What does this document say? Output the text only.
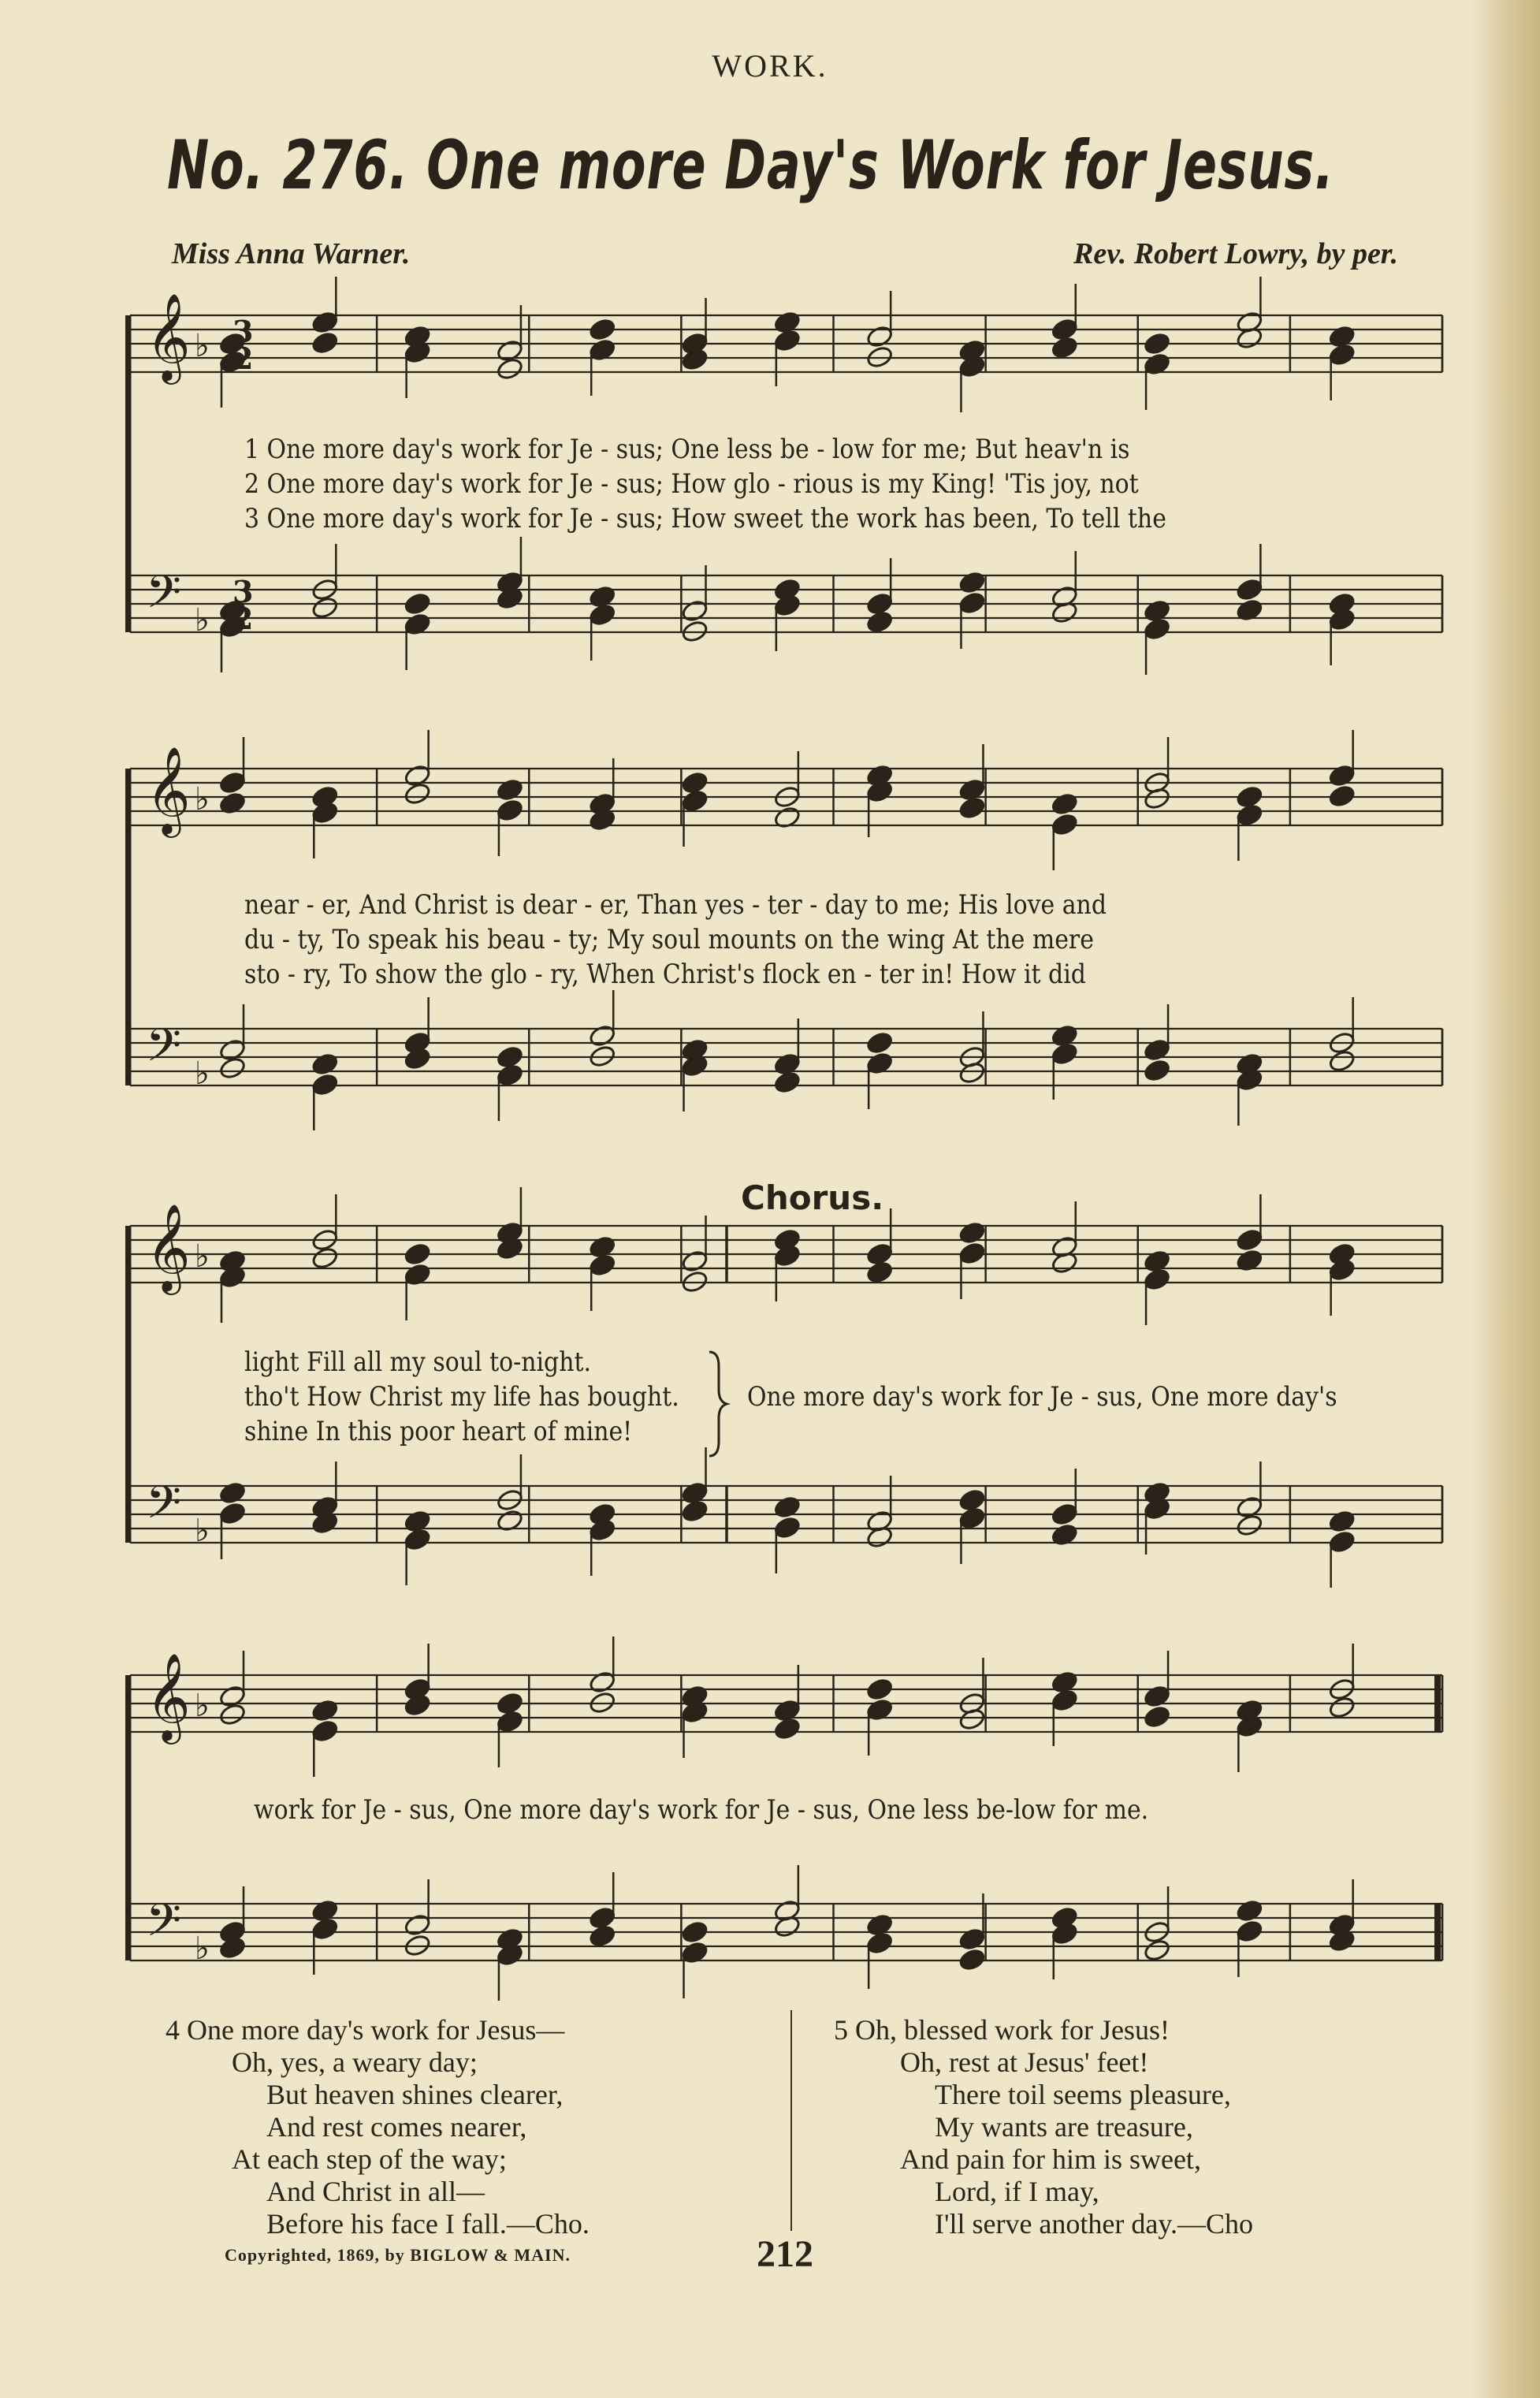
WORK.
No. 276. One more Day's Work for Jesus.
Miss Anna Warner.	Rev. Robert Lowry, by per.
𝄞 ♭
𝄢 ♭
3
3
2
2
𝄞 ♭
𝄢 ♭
𝄞 ♭
𝄢 ♭
𝄞 ♭
𝄢 ♭
1 One more day's work for Je - sus; One less be - low for me; But heav'n is
2 One more day's work for Je - sus; How glo - rious is my King! 'Tis joy, not
3 One more day's work for Je - sus; How sweet the work has been, To tell the
near - er, And Christ is dear - er, Than yes - ter - day to me; His love and
du - ty, To speak his beau - ty; My soul mounts on the wing At the mere
sto - ry, To show the glo - ry, When Christ's flock en - ter in! How it did
Chorus.
light Fill all my soul to-night.
tho't How Christ my life has bought.
shine In this poor heart of mine!
One more day's work for Je - sus, One more day's
work for Je - sus, One more day's work for Je - sus, One less be-low for me.
4 One more day's work for Jesus—
Oh, yes, a weary day;
But heaven shines clearer,
And rest comes nearer,
At each step of the way;
And Christ in all—
Before his face I fall.—Cho.
5 Oh, blessed work for Jesus!
Oh, rest at Jesus' feet!
There toil seems pleasure,
My wants are treasure,
And pain for him is sweet,
Lord, if I may,
I'll serve another day.—Cho
Copyrighted, 1869, by BIGLOW & MAIN.	212
